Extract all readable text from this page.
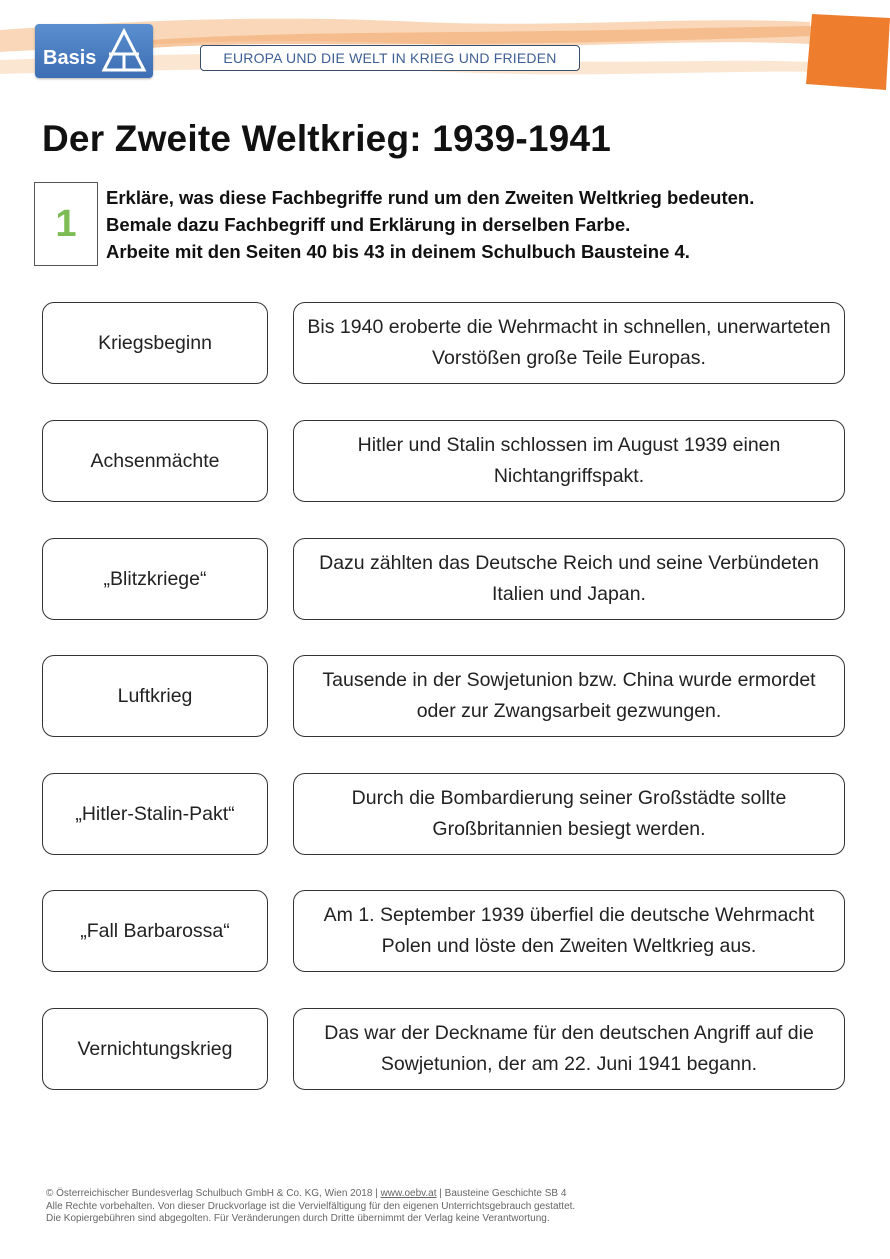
Basis	EUROPA UND DIE WELT IN KRIEG UND FRIEDEN
Der Zweite Weltkrieg: 1939-1941
1
Erkläre, was diese Fachbegriffe rund um den Zweiten Weltkrieg bedeuten.
Bemale dazu Fachbegriff und Erklärung in derselben Farbe.
Arbeite mit den Seiten 40 bis 43 in deinem Schulbuch Bausteine 4.
Kriegsbeginn
Bis 1940 eroberte die Wehrmacht in schnellen, unerwarteten Vorstößen große Teile Europas.
Achsenmächte
Hitler und Stalin schlossen im August 1939 einen Nichtangriffspakt.
„Blitzkriege“
Dazu zählten das Deutsche Reich und seine Verbündeten Italien und Japan.
Luftkrieg
Tausende in der Sowjetunion bzw. China wurde ermordet oder zur Zwangsarbeit gezwungen.
„Hitler-Stalin-Pakt“
Durch die Bombardierung seiner Großstädte sollte Großbritannien besiegt werden.
„Fall Barbarossa“
Am 1. September 1939 überfiel die deutsche Wehrmacht Polen und löste den Zweiten Weltkrieg aus.
Vernichtungskrieg
Das war der Deckname für den deutschen Angriff auf die Sowjetunion, der am 22. Juni 1941 begann.
© Österreichischer Bundesverlag Schulbuch GmbH & Co. KG, Wien 2018 | www.oebv.at | Bausteine Geschichte SB 4
Alle Rechte vorbehalten. Von dieser Druckvorlage ist die Vervielfältigung für den eigenen Unterrichtsgebrauch gestattet.
Die Kopiergebühren sind abgegolten. Für Veränderungen durch Dritte übernimmt der Verlag keine Verantwortung.
